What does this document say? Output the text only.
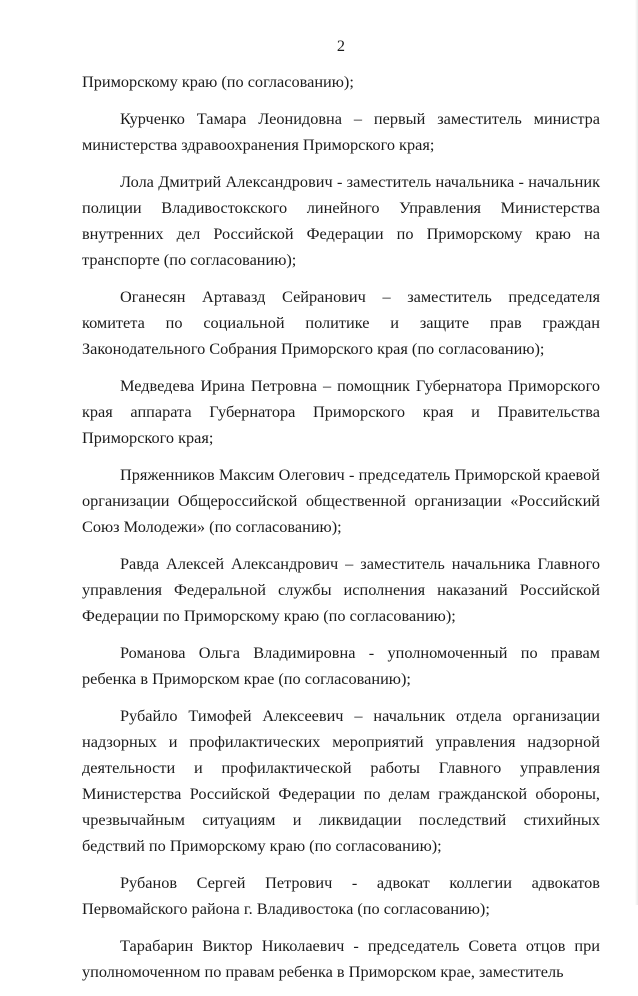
2

Приморскому краю (по согласованию);

Курченко Тамара Леонидовна – первый заместитель министра министерства здравоохранения Приморского края;

Лола Дмитрий Александрович - заместитель начальника - начальник полиции Владивостокского линейного Управления Министерства внутренних дел Российской Федерации по Приморскому краю на транспорте (по согласованию);

Оганесян Артавазд Сейранович – заместитель председателя комитета по социальной политике и защите прав граждан Законодательного Собрания Приморского края (по согласованию);

Медведева Ирина Петровна – помощник Губернатора Приморского края аппарата Губернатора Приморского края и Правительства Приморского края;

Пряженников Максим Олегович - председатель Приморской краевой организации Общероссийской общественной организации «Российский Союз Молодежи» (по согласованию);

Равда Алексей Александрович – заместитель начальника Главного управления Федеральной службы исполнения наказаний Российской Федерации по Приморскому краю (по согласованию);

Романова Ольга Владимировна - уполномоченный по правам ребенка в Приморском крае (по согласованию);

Рубайло Тимофей Алексеевич – начальник отдела организации надзорных и профилактических мероприятий управления надзорной деятельности и профилактической работы Главного управления Министерства Российской Федерации по делам гражданской обороны, чрезвычайным ситуациям и ликвидации последствий стихийных бедствий по Приморскому краю (по согласованию);

Рубанов Сергей Петрович - адвокат коллегии адвокатов Первомайского района г. Владивостока (по согласованию);

Тарабарин Виктор Николаевич - председатель Совета отцов при уполномоченном по правам ребенка в Приморском крае, заместитель
